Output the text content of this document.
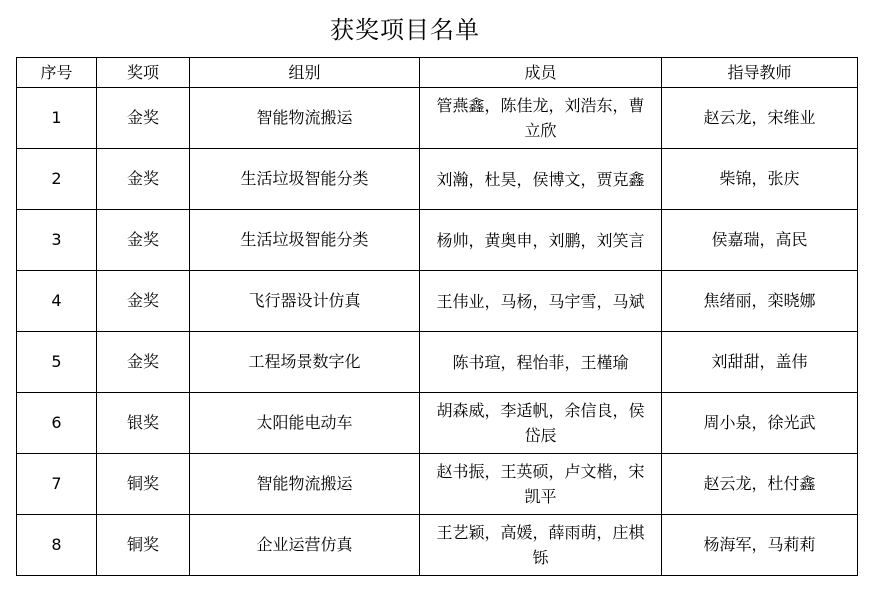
获奖项目名单
序号	奖项	组别	成员	指导教师
1	金奖	智能物流搬运	管燕鑫，陈佳龙，刘浩东，曹立欣	赵云龙，宋维业
2	金奖	生活垃圾智能分类	刘瀚，杜昊，侯博文，贾克鑫	柴锦，张庆
3	金奖	生活垃圾智能分类	杨帅，黄奥申，刘鹏，刘笑言	侯嘉瑞，高民
4	金奖	飞行器设计仿真	王伟业，马杨，马宇雪，马斌	焦绪丽，栾晓娜
5	金奖	工程场景数字化	陈书瑄，程怡菲，王槿瑜	刘甜甜，盖伟
6	银奖	太阳能电动车	胡森威，李适帆，余信良，侯岱辰	周小泉，徐光武
7	铜奖	智能物流搬运	赵书振，王英硕，卢文楷，宋凯平	赵云龙，杜付鑫
8	铜奖	企业运营仿真	王艺颖，高媛，薛雨萌，庄棋铄	杨海军，马莉莉
